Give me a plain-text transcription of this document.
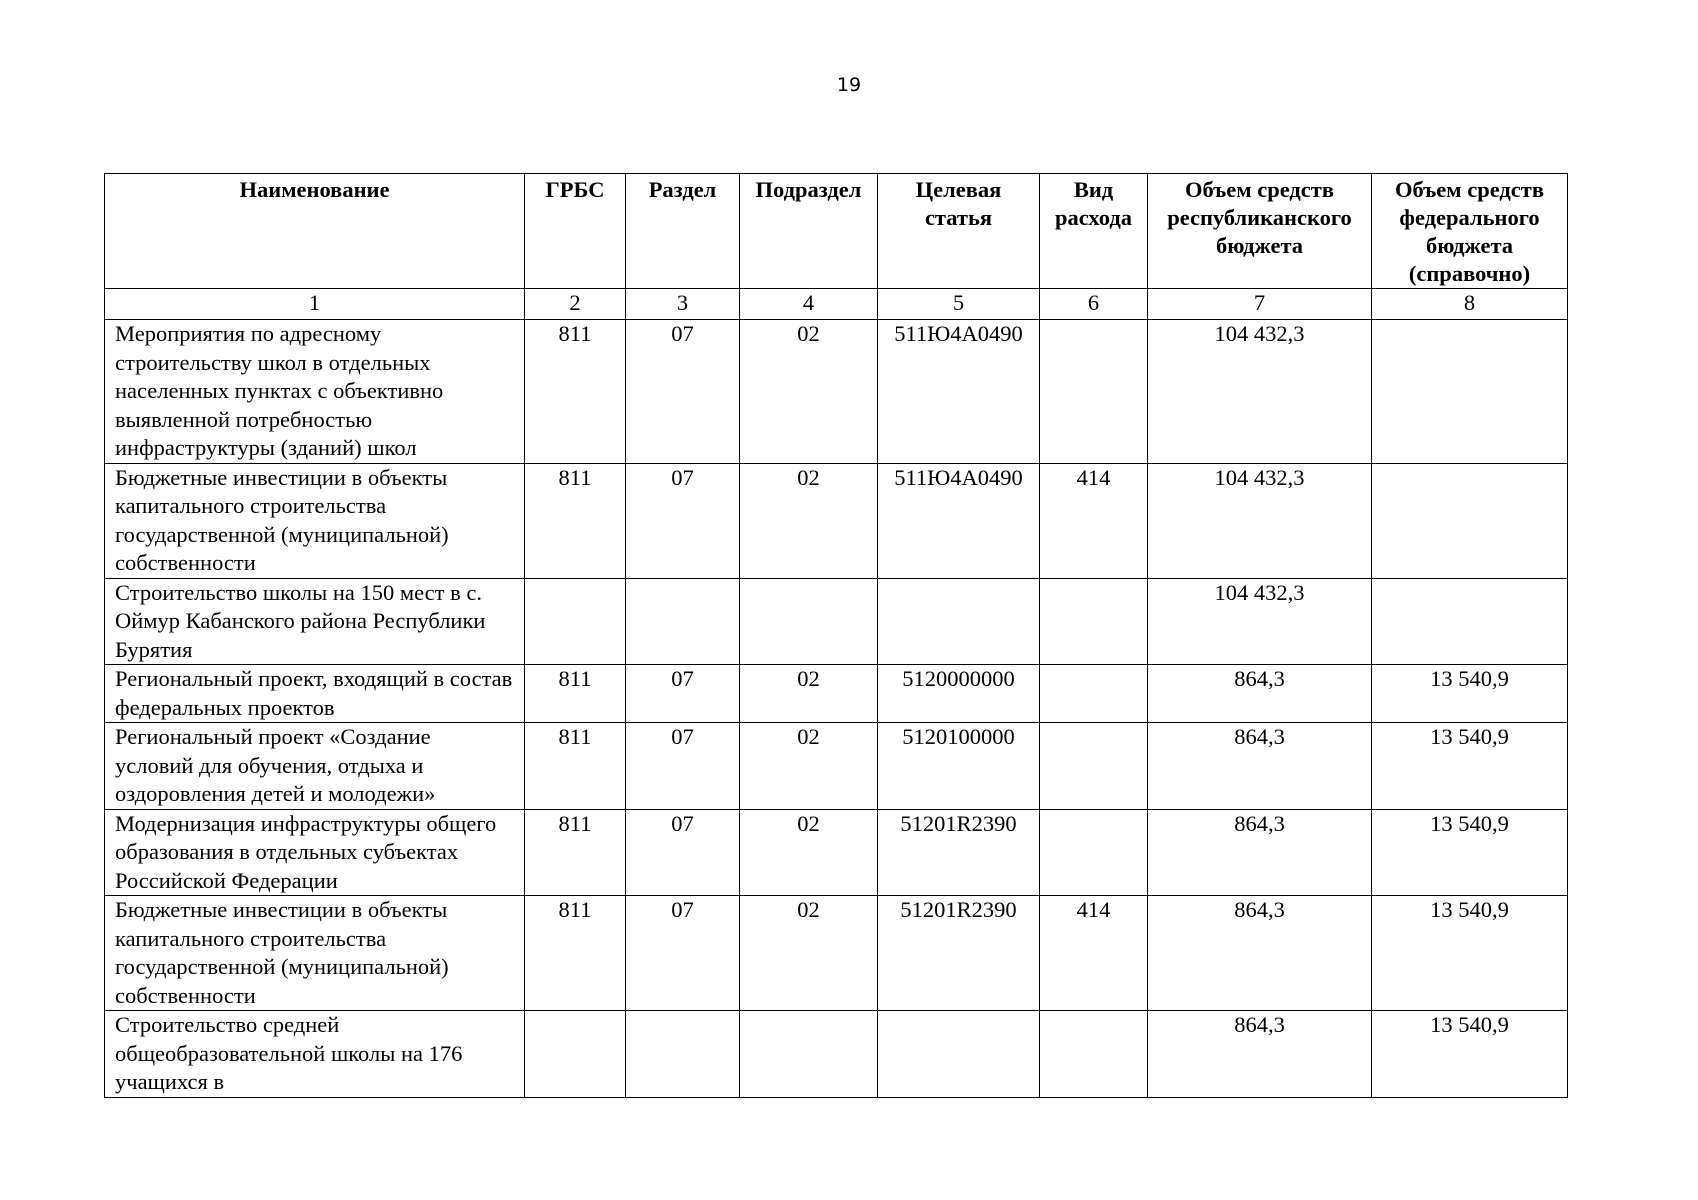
19
Наименование	ГРБС	Раздел	Подраздел	Целевая статья	Вид расхода	Объем средств республиканского бюджета	Объем средств федерального бюджета (справочно)
1	2	3	4	5	6	7	8
Мероприятия по адресному строительству школ в отдельных населенных пунктах с объективно выявленной потребностью инфраструктуры (зданий) школ	811	07	02	511Ю4А0490		104 432,3	
Бюджетные инвестиции в объекты капитального строительства государственной (муниципальной) собственности	811	07	02	511Ю4А0490	414	104 432,3	
Строительство школы на 150 мест в с. Оймур Кабанского района Республики Бурятия						104 432,3	
Региональный проект, входящий в состав федеральных проектов	811	07	02	5120000000		864,3	13 540,9
Региональный проект «Создание условий для обучения, отдыха и оздоровления детей и молодежи»	811	07	02	5120100000		864,3	13 540,9
Модернизация инфраструктуры общего образования в отдельных субъектах Российской Федерации	811	07	02	51201R2390		864,3	13 540,9
Бюджетные инвестиции в объекты капитального строительства государственной (муниципальной) собственности	811	07	02	51201R2390	414	864,3	13 540,9
Строительство средней общеобразовательной школы на 176 учащихся в						864,3	13 540,9
